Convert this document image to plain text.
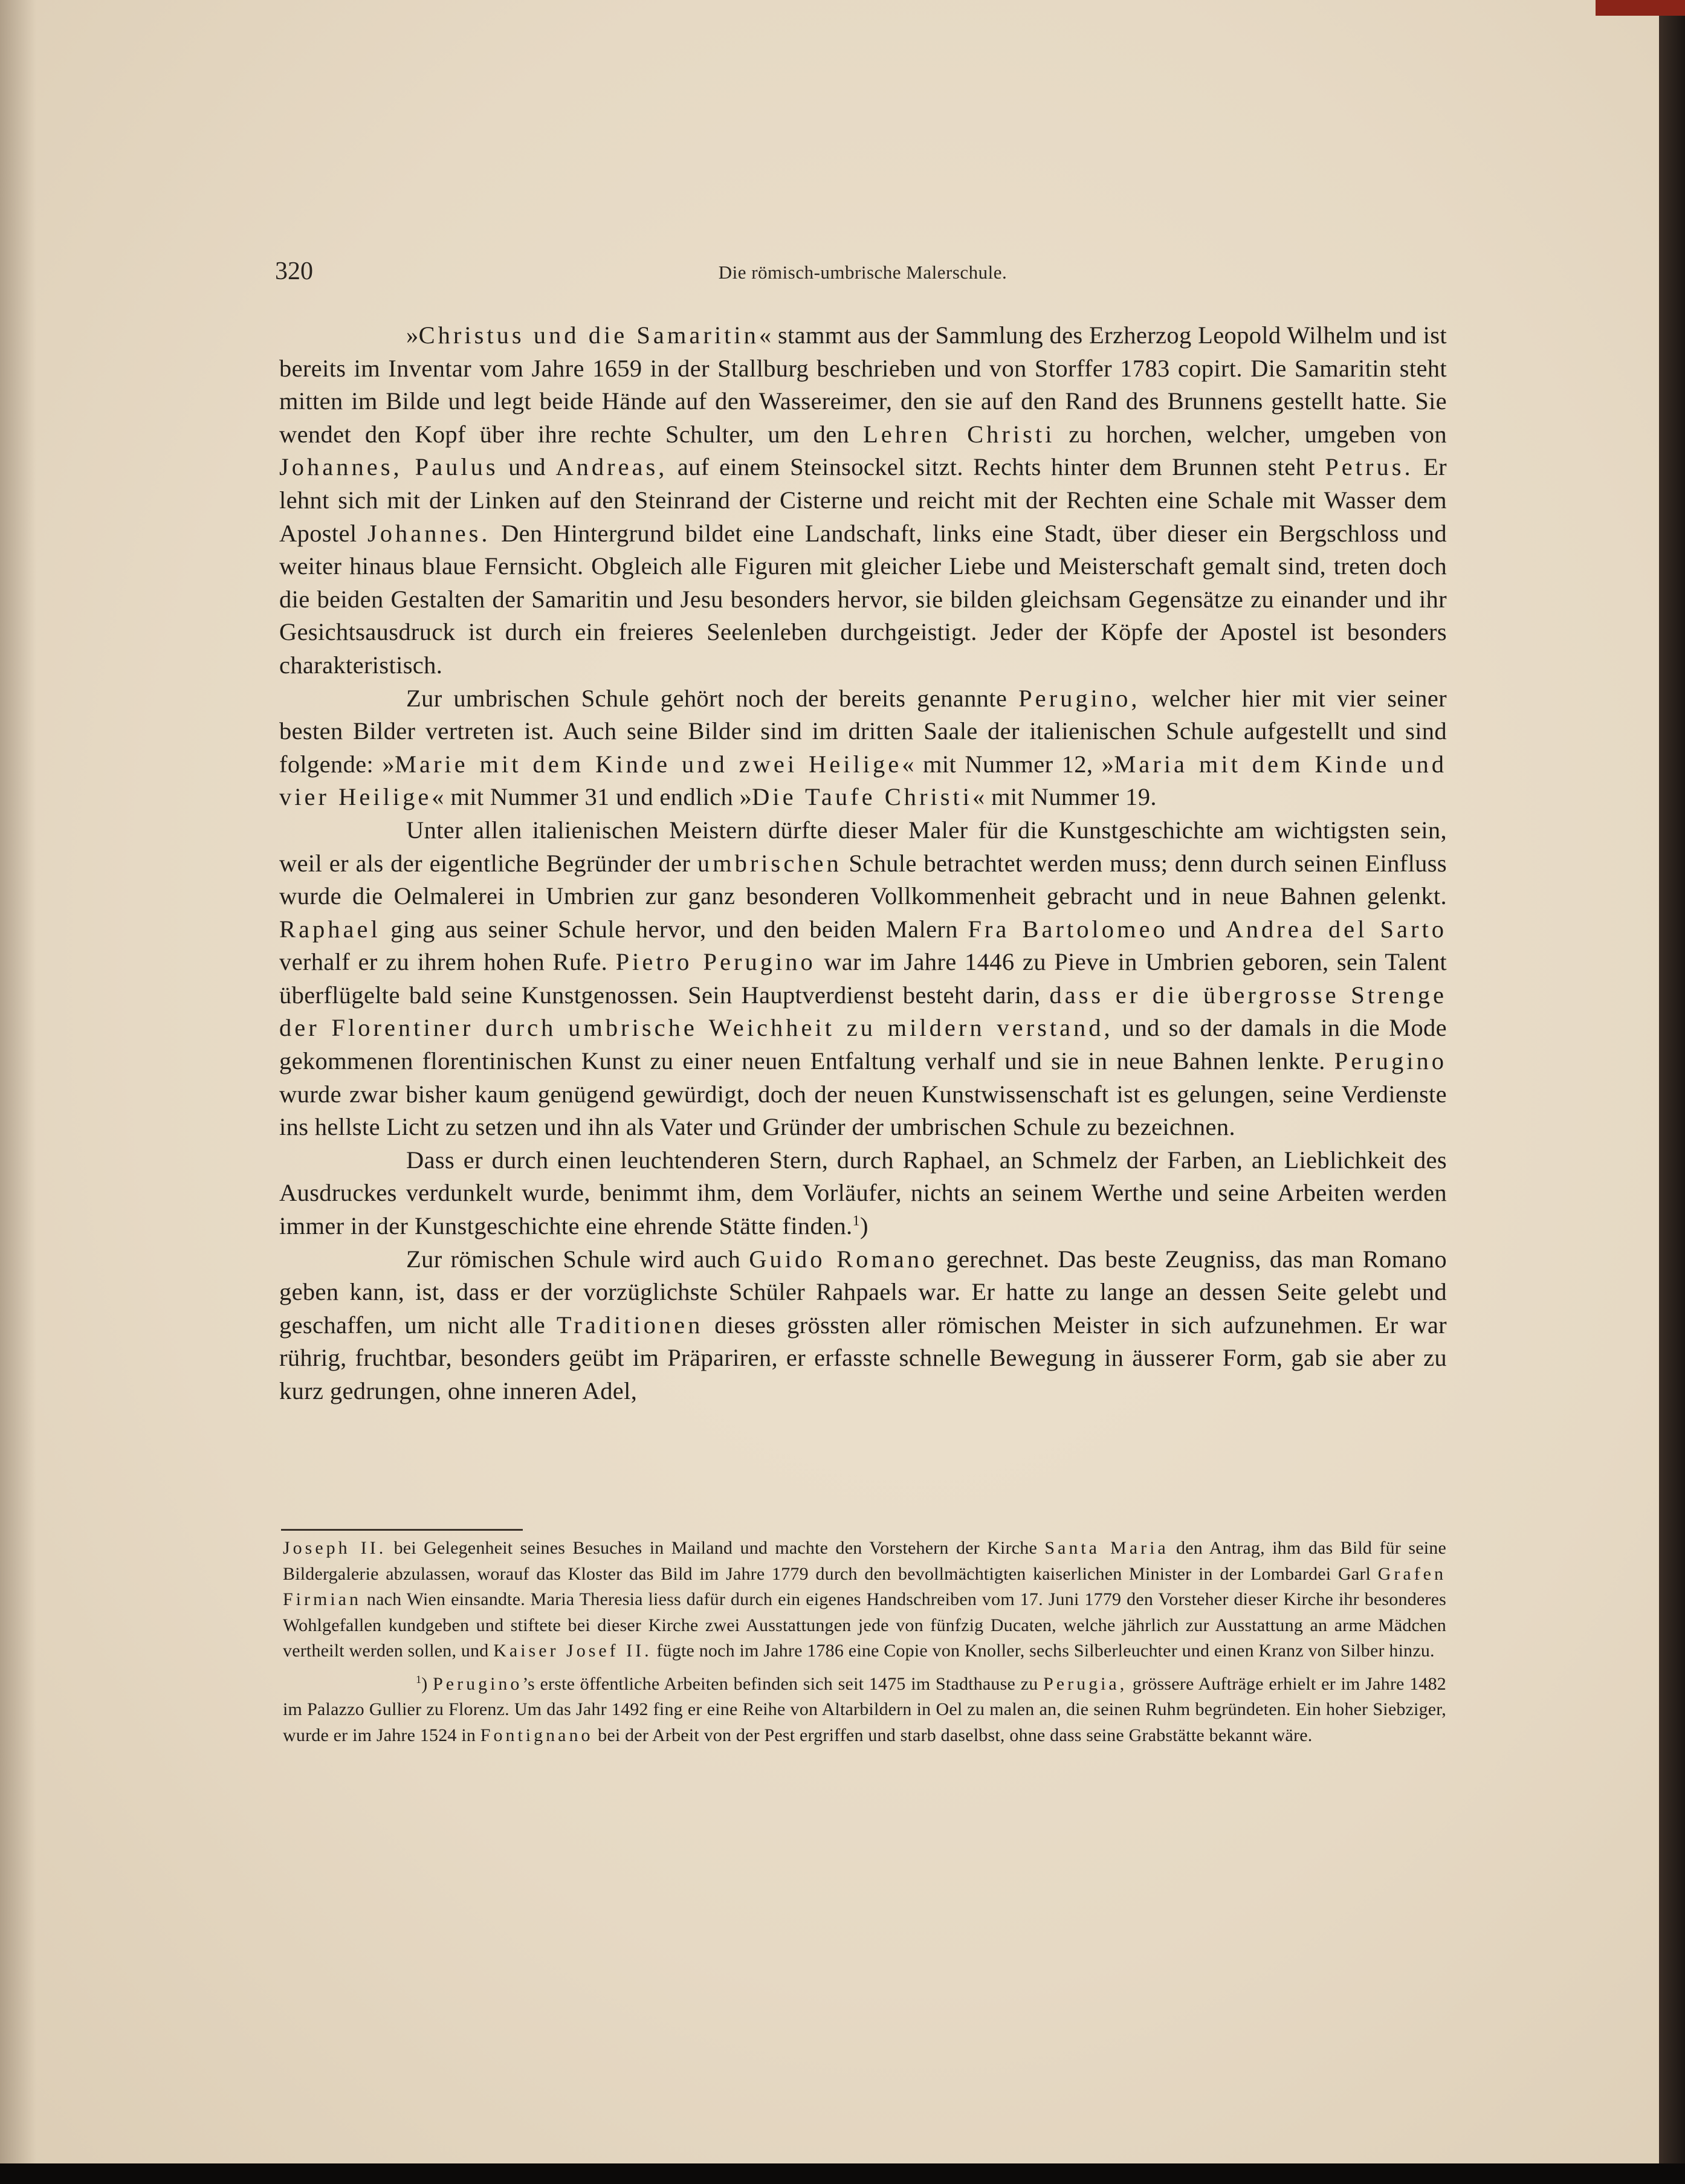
320	Die römisch-umbrische Malerschule.

»Christus und die Samaritin« stammt aus der Sammlung des Erzherzog Leopold Wilhelm und ist bereits im Inventar vom Jahre 1659 in der Stallburg beschrieben und von Storffer 1783 copirt. Die Samaritin steht mitten im Bilde und legt beide Hände auf den Wassereimer, den sie auf den Rand des Brunnens gestellt hatte. Sie wendet den Kopf über ihre rechte Schulter, um den Lehren Christi zu horchen, welcher, umgeben von Johannes, Paulus und Andreas, auf einem Steinsockel sitzt. Rechts hinter dem Brunnen steht Petrus. Er lehnt sich mit der Linken auf den Steinrand der Cisterne und reicht mit der Rechten eine Schale mit Wasser dem Apostel Johannes. Den Hintergrund bildet eine Landschaft, links eine Stadt, über dieser ein Bergschloss und weiter hinaus blaue Fernsicht. Obgleich alle Figuren mit gleicher Liebe und Meisterschaft gemalt sind, treten doch die beiden Gestalten der Samaritin und Jesu besonders hervor, sie bilden gleichsam Gegensätze zu einander und ihr Gesichtsausdruck ist durch ein freieres Seelenleben durchgeistigt. Jeder der Köpfe der Apostel ist besonders charakteristisch.

Zur umbrischen Schule gehört noch der bereits genannte Perugino, welcher hier mit vier seiner besten Bilder vertreten ist. Auch seine Bilder sind im dritten Saale der italienischen Schule aufgestellt und sind folgende: »Marie mit dem Kinde und zwei Heilige« mit Nummer 12, »Maria mit dem Kinde und vier Heilige« mit Nummer 31 und endlich »Die Taufe Christi« mit Nummer 19.

Unter allen italienischen Meistern dürfte dieser Maler für die Kunstgeschichte am wichtigsten sein, weil er als der eigentliche Begründer der umbrischen Schule betrachtet werden muss; denn durch seinen Einfluss wurde die Oelmalerei in Umbrien zur ganz besonderen Vollkommenheit gebracht und in neue Bahnen gelenkt. Raphael ging aus seiner Schule hervor, und den beiden Malern Fra Bartolomeo und Andrea del Sarto verhalf er zu ihrem hohen Rufe. Pietro Perugino war im Jahre 1446 zu Pieve in Umbrien geboren, sein Talent überflügelte bald seine Kunstgenossen. Sein Hauptverdienst besteht darin, dass er die übergrosse Strenge der Florentiner durch umbrische Weichheit zu mildern verstand, und so der damals in die Mode gekommenen florentinischen Kunst zu einer neuen Entfaltung verhalf und sie in neue Bahnen lenkte. Perugino wurde zwar bisher kaum genügend gewürdigt, doch der neuen Kunstwissenschaft ist es gelungen, seine Verdienste ins hellste Licht zu setzen und ihn als Vater und Gründer der umbrischen Schule zu bezeichnen.

Dass er durch einen leuchtenderen Stern, durch Raphael, an Schmelz der Farben, an Lieblichkeit des Ausdruckes verdunkelt wurde, benimmt ihm, dem Vorläufer, nichts an seinem Werthe und seine Arbeiten werden immer in der Kunstgeschichte eine ehrende Stätte finden.$^1$)

Zur römischen Schule wird auch Guido Romano gerechnet. Das beste Zeugniss, das man Romano geben kann, ist, dass er der vorzüglichste Schüler Rahpaels war. Er hatte zu lange an dessen Seite gelebt und geschaffen, um nicht alle Traditionen dieses grössten aller römischen Meister in sich aufzunehmen. Er war rührig, fruchtbar, besonders geübt im Präpariren, er erfasste schnelle Bewegung in äusserer Form, gab sie aber zu kurz gedrungen, ohne inneren Adel,

Joseph II. bei Gelegenheit seines Besuches in Mailand und machte den Vorstehern der Kirche Santa Maria den Antrag, ihm das Bild für seine Bildergalerie abzulassen, worauf das Kloster das Bild im Jahre 1779 durch den bevollmächtigten kaiserlichen Minister in der Lombardei Garl Grafen Firmian nach Wien einsandte. Maria Theresia liess dafür durch ein eigenes Handschreiben vom 17. Juni 1779 den Vorsteher dieser Kirche ihr besonderes Wohlgefallen kundgeben und stiftete bei dieser Kirche zwei Ausstattungen jede von fünfzig Ducaten, welche jährlich zur Ausstattung an arme Mädchen vertheilt werden sollen, und Kaiser Josef II. fügte noch im Jahre 1786 eine Copie von Knoller, sechs Silberleuchter und einen Kranz von Silber hinzu.

$^1$) Perugino’s erste öffentliche Arbeiten befinden sich seit 1475 im Stadthause zu Perugia, grössere Aufträge erhielt er im Jahre 1482 im Palazzo Gullier zu Florenz. Um das Jahr 1492 fing er eine Reihe von Altarbildern in Oel zu malen an, die seinen Ruhm begründeten. Ein hoher Siebziger, wurde er im Jahre 1524 in Fontignano bei der Arbeit von der Pest ergriffen und starb daselbst, ohne dass seine Grabstätte bekannt wäre.
